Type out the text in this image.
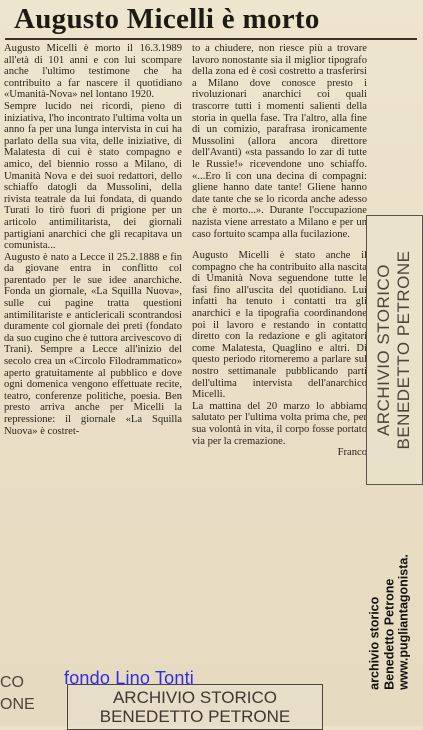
Augusto Micelli è morto

Augusto Micelli è morto il 16.3.1989 all'età di 101 anni e con lui scompare anche l'ultimo testimone che ha contribuito a far nascere il quotidiano «Umanità-Nova» nel lontano 1920.

Sempre lucido nei ricordi, pieno di iniziativa, l'ho incontrato l'ultima volta un anno fa per una lunga intervista in cui ha parlato della sua vita, delle iniziative, di Malatesta di cui è stato compagno e amico, del biennio rosso a Milano, di Umanità Nova e dei suoi redattori, dello schiaffo datogli da Mussolini, della rivista teatrale da lui fondata, di quando Turati lo tirò fuori di prigione per un articolo antimilitarista, dei giornali partigiani anarchici che gli recapitava un comunista...

Augusto è nato a Lecce il 25.2.1888 e fin da giovane entra in conflitto col parentado per le sue idee anarchiche. Fonda un giornale, «La Squilla Nuova», sulle cui pagine tratta questioni antimilitariste e anticlericali scontrandosi duramente col giornale dei preti (fondato da suo cugino che è tuttora arcivescovo di Trani). Sempre a Lecce all'inizio del secolo crea un «Circolo Filodrammatico» aperto gratuitamente al pubblico e dove ogni domenica vengono effettuate recite, teatro, conferenze politiche, poesia. Ben presto arriva anche per Micelli la repressione: il giornale «La Squilla Nuova» è costret-

to a chiudere, non riesce più a trovare lavoro nonostante sia il miglior tipografo della zona ed è così costretto a trasferirsi a Milano dove conosce presto i rivoluzionari anarchici coi quali trascorre tutti i momenti salienti della storia in quella fase. Tra l'altro, alla fine di un comizio, parafrasa ironicamente Mussolini (allora ancora direttore dell'Avanti) «sta passando lo zar di tutte le Russie!» ricevendone uno schiaffo. «...Ero lì con una decina di compagni: gliene hanno date tante! Gliene hanno date tante che se lo ricorda anche adesso che è morto...». Durante l'occupazione nazista viene arrestato a Milano e per un caso fortuito scampa alla fucilazione.

Augusto Micelli è stato anche il compagno che ha contribuito alla nascita di Umanità Nova seguendone tutte le fasi fino all'uscita del quotidiano. Lui infatti ha tenuto i contatti tra gli anarchici e la tipografia coordinandone poi il lavoro e restando in contatto diretto con la redazione e gli agitatori come Malatesta, Quaglino e altri. Di questo periodo ritorneremo a parlare sul nostro settimanale pubblicando parti dell'ultima intervista dell'anarchico Micelli.

La mattina del 20 marzo lo abbiamo salutato per l'ultima volta prima che, per sua volontà in vita, il corpo fosse portato via per la cremazione.

Franco

ARCHIVIO STORICO BENEDETTO PETRONE
archivio storico Benedetto Petrone www.pugliantagonista.
CO
ONE	ARCHIVIO STORICO
BENEDETTO PETRONE
fondo Lino Tonti
